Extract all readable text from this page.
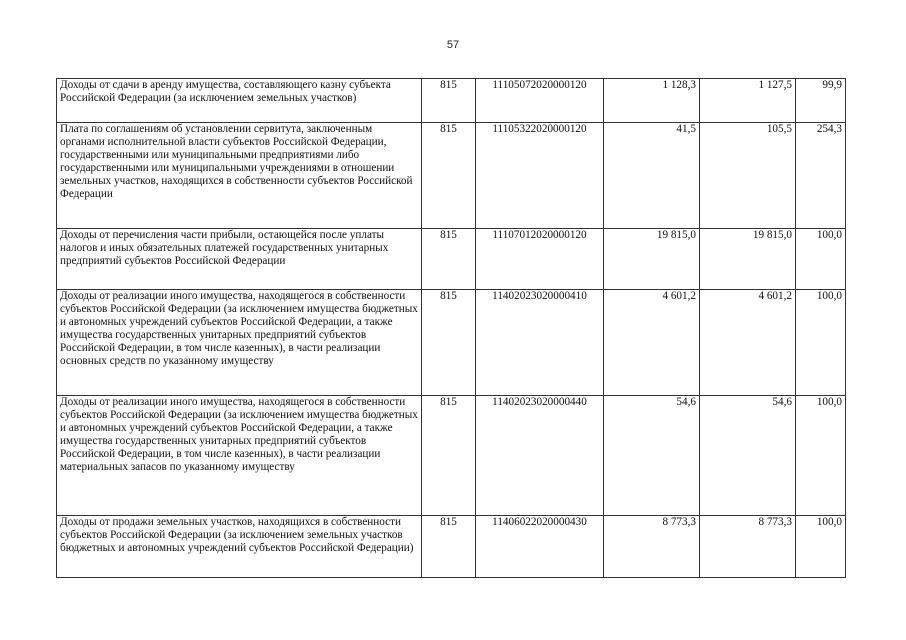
57
Доходы от сдачи в аренду имущества, составляющего казну субъекта Российской Федерации (за исключением земельных участков)	815	11105072020000120	1 128,3	1 127,5	99,9
Плата по соглашениям об установлении сервитута, заключенным органами исполнительной власти субъектов Российской Федерации, государственными или муниципальными предприятиями либо государственными или муниципальными учреждениями в отношении земельных участков, находящихся в собственности субъектов Российской Федерации	815	11105322020000120	41,5	105,5	254,3
Доходы от перечисления части прибыли, остающейся после уплаты налогов и иных обязательных платежей государственных унитарных предприятий субъектов Российской Федерации	815	11107012020000120	19 815,0	19 815,0	100,0
Доходы от реализации иного имущества, находящегося в собственности субъектов Российской Федерации (за исключением имущества бюджетных и автономных учреждений субъектов Российской Федерации, а также имущества государственных унитарных предприятий субъектов Российской Федерации, в том числе казенных), в части реализации основных средств по указанному имуществу	815	11402023020000410	4 601,2	4 601,2	100,0
Доходы от реализации иного имущества, находящегося в собственности субъектов Российской Федерации (за исключением имущества бюджетных и автономных учреждений субъектов Российской Федерации, а также имущества государственных унитарных предприятий субъектов Российской Федерации, в том числе казенных), в части реализации материальных запасов по указанному имуществу	815	11402023020000440	54,6	54,6	100,0
Доходы от продажи земельных участков, находящихся в собственности субъектов Российской Федерации (за исключением земельных участков бюджетных и автономных учреждений субъектов Российской Федерации)	815	11406022020000430	8 773,3	8 773,3	100,0
